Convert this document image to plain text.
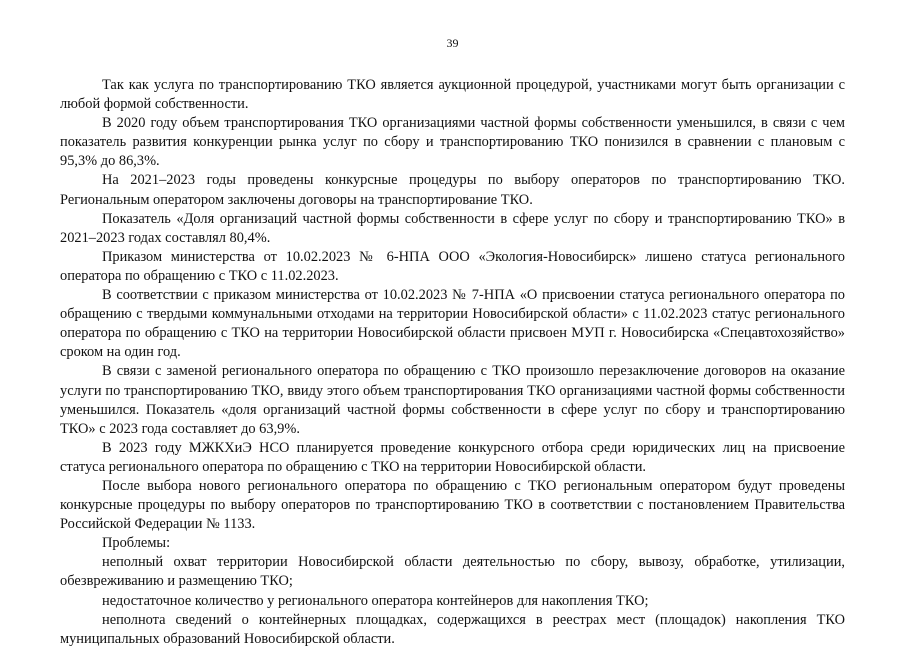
39

Так как услуга по транспортированию ТКО является аукционной процедурой, участниками могут быть организации с любой формой собственности.

В 2020 году объем транспортирования ТКО организациями частной формы собственности уменьшился, в связи с чем показатель развития конкуренции рынка услуг по сбору и транспортированию ТКО понизился в сравнении с плановым с 95,3% до 86,3%.

На 2021–2023 годы проведены конкурсные процедуры по выбору операторов по транспортированию ТКО. Региональным оператором заключены договоры на транспортирование ТКО.

Показатель «Доля организаций частной формы собственности в сфере услуг по сбору и транспортированию ТКО» в 2021–2023 годах составлял 80,4%.

Приказом министерства от 10.02.2023 № 6-НПА ООО «Экология-Новосибирск» лишено статуса регионального оператора по обращению с ТКО с 11.02.2023.

В соответствии с приказом министерства от 10.02.2023 № 7-НПА «О присвоении статуса регионального оператора по обращению с твердыми коммунальными отходами на территории Новосибирской области» с 11.02.2023 статус регионального оператора по обращению с ТКО на территории Новосибирской области присвоен МУП г. Новосибирска «Спецавтохозяйство» сроком на один год.

В связи с заменой регионального оператора по обращению с ТКО произошло перезаключение договоров на оказание услуги по транспортированию ТКО, ввиду этого объем транспортирования ТКО организациями частной формы собственности уменьшился. Показатель «доля организаций частной формы собственности в сфере услуг по сбору и транспортированию ТКО» с 2023 года составляет до 63,9%.

В 2023 году МЖКХиЭ НСО планируется проведение конкурсного отбора среди юридических лиц на присвоение статуса регионального оператора по обращению с ТКО на территории Новосибирской области.

После выбора нового регионального оператора по обращению с ТКО региональным оператором будут проведены конкурсные процедуры по выбору операторов по транспортированию ТКО в соответствии с постановлением Правительства Российской Федерации № 1133.

Проблемы:

неполный охват территории Новосибирской области деятельностью по сбору, вывозу, обработке, утилизации, обезвреживанию и размещению ТКО;

недостаточное количество у регионального оператора контейнеров для накопления ТКО;

неполнота сведений о контейнерных площадках, содержащихся в реестрах мест (площадок) накопления ТКО муниципальных образований Новосибирской области.
